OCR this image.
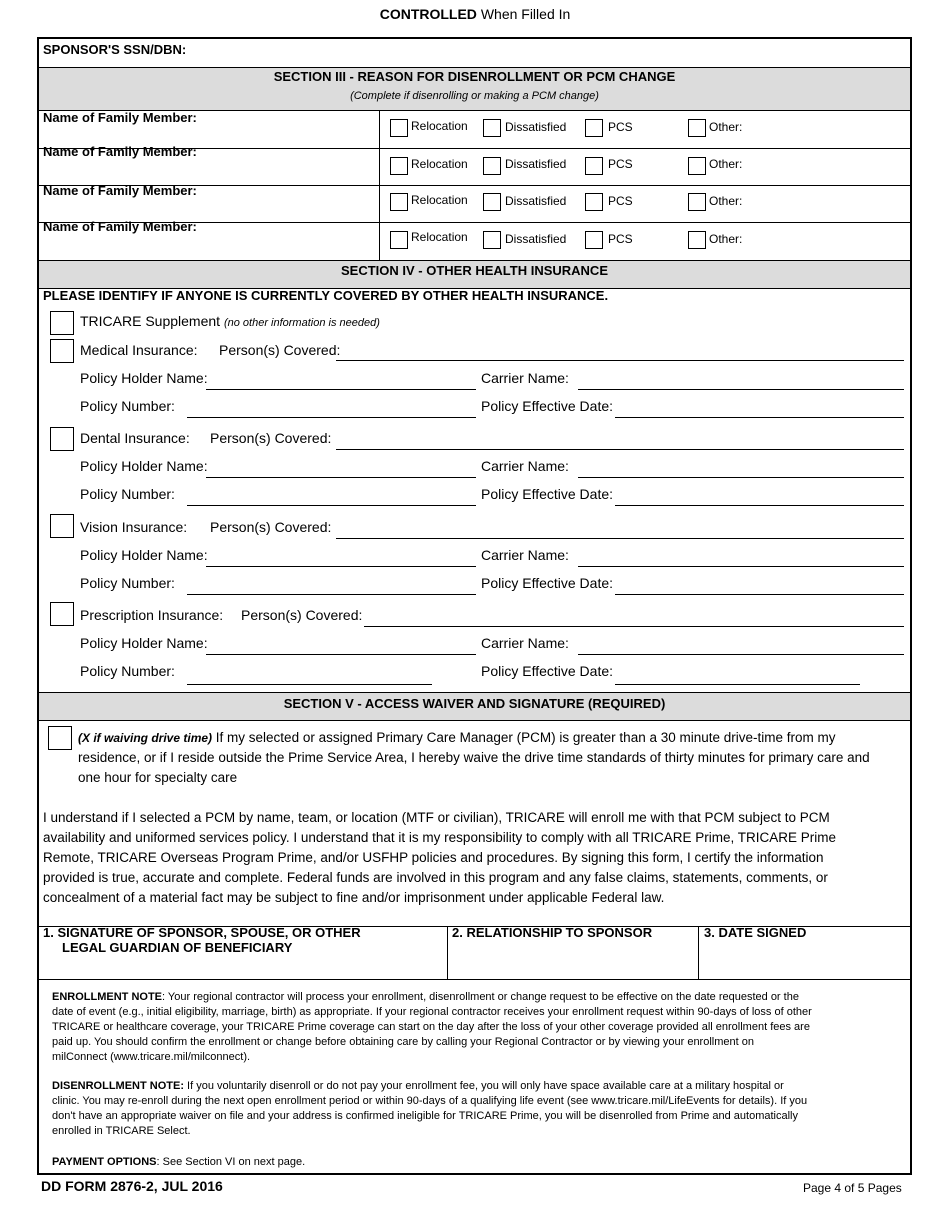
CONTROLLED When Filled In
SPONSOR'S SSN/DBN:
SECTION III - REASON FOR DISENROLLMENT OR PCM CHANGE
(Complete if disenrolling or making a PCM change)
Name of Family Member:
Relocation	Dissatisfied	PCS	Other:
Name of Family Member:
Relocation	Dissatisfied	PCS	Other:
Name of Family Member:
Relocation	Dissatisfied	PCS	Other:
Name of Family Member:
Relocation	Dissatisfied	PCS	Other:
SECTION IV - OTHER HEALTH INSURANCE
PLEASE IDENTIFY IF ANYONE IS CURRENTLY COVERED BY OTHER HEALTH INSURANCE.
TRICARE Supplement (no other information is needed)
Medical Insurance: Person(s) Covered:
Policy Holder Name:	Carrier Name:
Policy Number:	Policy Effective Date:
Dental Insurance: Person(s) Covered:
Policy Holder Name:	Carrier Name:
Policy Number:	Policy Effective Date:
Vision Insurance: Person(s) Covered:
Policy Holder Name:	Carrier Name:
Policy Number:	Policy Effective Date:
Prescription Insurance: Person(s) Covered:
Policy Holder Name:	Carrier Name:
Policy Number:	Policy Effective Date:
SECTION V - ACCESS WAIVER AND SIGNATURE (REQUIRED)
(X if waiving drive time) If my selected or assigned Primary Care Manager (PCM) is greater than a 30 minute drive-time from my
residence, or if I reside outside the Prime Service Area, I hereby waive the drive time standards of thirty minutes for primary care and
one hour for specialty care
I understand if I selected a PCM by name, team, or location (MTF or civilian), TRICARE will enroll me with that PCM subject to PCM
availability and uniformed services policy. I understand that it is my responsibility to comply with all TRICARE Prime, TRICARE Prime
Remote, TRICARE Overseas Program Prime, and/or USFHP policies and procedures. By signing this form, I certify the information
provided is true, accurate and complete. Federal funds are involved in this program and any false claims, statements, comments, or
concealment of a material fact may be subject to fine and/or imprisonment under applicable Federal law.
1. SIGNATURE OF SPONSOR, SPOUSE, OR OTHER
LEGAL GUARDIAN OF BENEFICIARY
2. RELATIONSHIP TO SPONSOR	3. DATE SIGNED
ENROLLMENT NOTE: Your regional contractor will process your enrollment, disenrollment or change request to be effective on the date requested or the
date of event (e.g., initial eligibility, marriage, birth) as appropriate. If your regional contractor receives your enrollment request within 90-days of loss of other
TRICARE or healthcare coverage, your TRICARE Prime coverage can start on the day after the loss of your other coverage provided all enrollment fees are
paid up. You should confirm the enrollment or change before obtaining care by calling your Regional Contractor or by viewing your enrollment on
milConnect (www.tricare.mil/milconnect).
DISENROLLMENT NOTE: If you voluntarily disenroll or do not pay your enrollment fee, you will only have space available care at a military hospital or
clinic. You may re-enroll during the next open enrollment period or within 90-days of a qualifying life event (see www.tricare.mil/LifeEvents for details). If you
don't have an appropriate waiver on file and your address is confirmed ineligible for TRICARE Prime, you will be disenrolled from Prime and automatically
enrolled in TRICARE Select.
PAYMENT OPTIONS: See Section VI on next page.
DD FORM 2876-2, JUL 2016	Page 4 of 5 Pages
